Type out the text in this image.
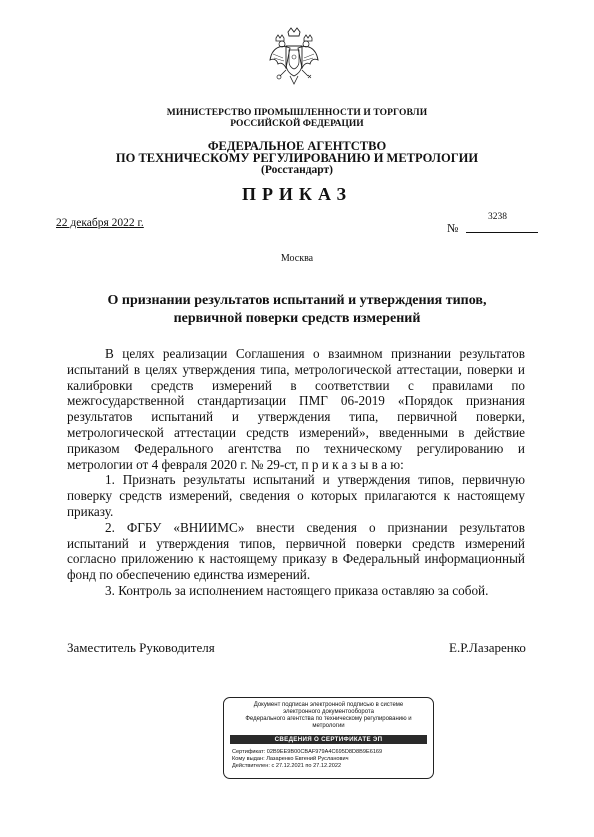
МИНИСТЕРСТВО ПРОМЫШЛЕННОСТИ И ТОРГОВЛИ
РОССИЙСКОЙ ФЕДЕРАЦИИ
ФЕДЕРАЛЬНОЕ АГЕНТСТВО
ПО ТЕХНИЧЕСКОМУ РЕГУЛИРОВАНИЮ И МЕТРОЛОГИИ
(Росстандарт)
ПРИКАЗ
22 декабря 2022 г.	№
3238
Москва
О признании результатов испытаний и утверждения типов,
первичной поверки средств измерений

В целях реализации Соглашения о взаимном признании результатов испытаний в целях утверждения типа, метрологической аттестации, поверки и калибровки средств измерений в соответствии с правилами по межгосударственной стандартизации ПМГ 06-2019 «Порядок признания результатов испытаний и утверждения типа, первичной поверки, метрологической аттестации средств измерений», введенными в действие приказом Федерального агентства по техническому регулированию и метрологии от 4 февраля 2020 г. № 29-ст, п р и к а з ы в а ю:

1. Признать результаты испытаний и утверждения типов, первичную поверку средств измерений, сведения о которых прилагаются к настоящему приказу.

2. ФГБУ «ВНИИМС» внести сведения о признании результатов испытаний и утверждения типов, первичной поверки средств измерений согласно приложению к настоящему приказу в Федеральный информационный фонд по обеспечению единства измерений.

3. Контроль за исполнением настоящего приказа оставляю за собой.

Заместитель Руководителя	Е.Р.Лазаренко
Документ подписан электронной подписью в системе
электронного документооборота
Федерального агентства по техническому регулированию и
метрологии
СВЕДЕНИЯ О СЕРТИФИКАТЕ ЭП
Сертификат: 02B9EE9B00CBAF979A4C695D8D8B9E6169
Кому выдан: Лазаренко Евгений Русланович
Действителен: с 27.12.2021 по 27.12.2022
